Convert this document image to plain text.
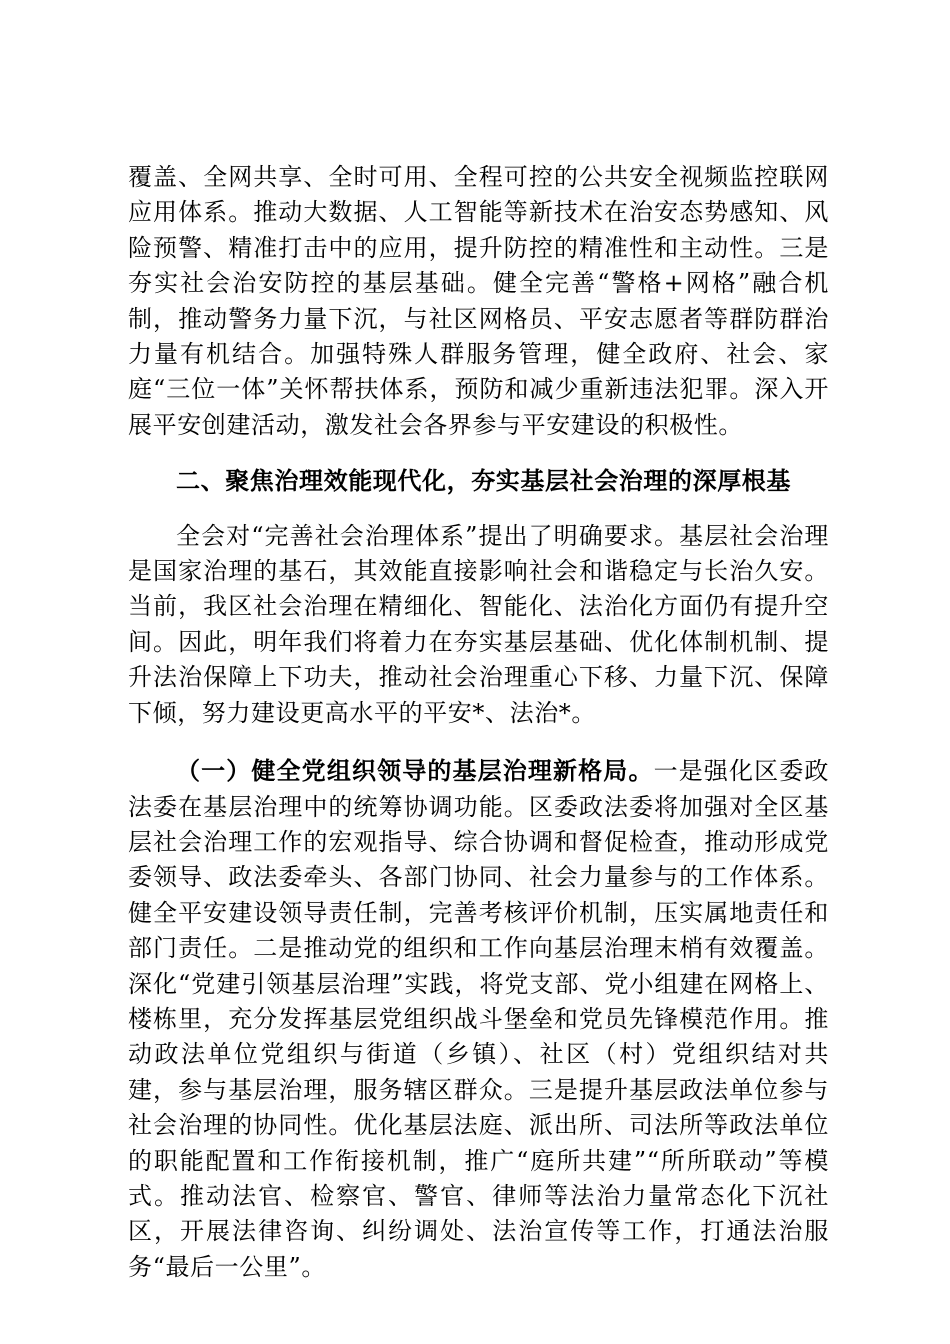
覆盖、全网共享、全时可用、全程可控的公共安全视频监控联网应用体系。推动大数据、人工智能等新技术在治安态势感知、风险预警、精准打击中的应用，提升防控的精准性和主动性。三是夯实社会治安防控的基层基础。健全完善“警格+网格”融合机制，推动警务力量下沉，与社区网格员、平安志愿者等群防群治力量有机结合。加强特殊人群服务管理，健全政府、社会、家庭“三位一体”关怀帮扶体系，预防和减少重新违法犯罪。深入开展平安创建活动，激发社会各界参与平安建设的积极性。

二、聚焦治理效能现代化，夯实基层社会治理的深厚根基

全会对“完善社会治理体系”提出了明确要求。基层社会治理是国家治理的基石，其效能直接影响社会和谐稳定与长治久安。当前，我区社会治理在精细化、智能化、法治化方面仍有提升空间。因此，明年我们将着力在夯实基层基础、优化体制机制、提升法治保障上下功夫，推动社会治理重心下移、力量下沉、保障下倾，努力建设更高水平的平安*、法治*。

（一）健全党组织领导的基层治理新格局。一是强化区委政法委在基层治理中的统筹协调功能。区委政法委将加强对全区基层社会治理工作的宏观指导、综合协调和督促检查，推动形成党委领导、政法委牵头、各部门协同、社会力量参与的工作体系。健全平安建设领导责任制，完善考核评价机制，压实属地责任和部门责任。二是推动党的组织和工作向基层治理末梢有效覆盖。深化“党建引领基层治理”实践，将党支部、党小组建在网格上、楼栋里，充分发挥基层党组织战斗堡垒和党员先锋模范作用。推动政法单位党组织与街道（乡镇）、社区（村）党组织结对共建，参与基层治理，服务辖区群众。三是提升基层政法单位参与社会治理的协同性。优化基层法庭、派出所、司法所等政法单位的职能配置和工作衔接机制，推广“庭所共建”“所所联动”等模式。推动法官、检察官、警官、律师等法治力量常态化下沉社区，开展法律咨询、纠纷调处、法治宣传等工作，打通法治服务“最后一公里”。
